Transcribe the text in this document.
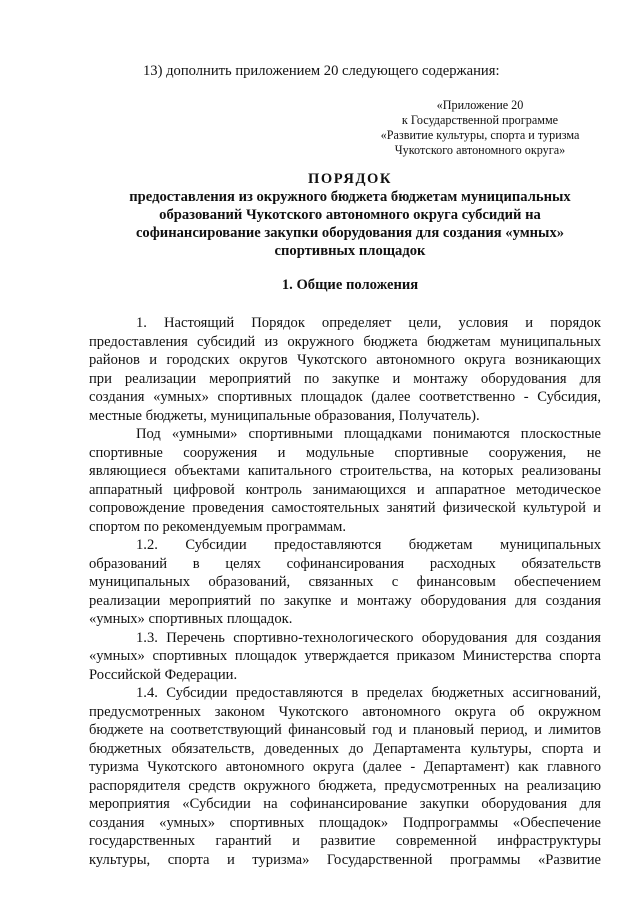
13) дополнить приложением 20 следующего содержания:
«Приложение 20
к Государственной программе
«Развитие культуры, спорта и туризма
Чукотского автономного округа»
ПОРЯДОК
предоставления из окружного бюджета бюджетам муниципальных
образований Чукотского автономного округа субсидий на
софинансирование закупки оборудования для создания «умных»
спортивных площадок
1. Общие положения
1. Настоящий Порядок определяет цели, условия и порядок
предоставления субсидий из окружного бюджета бюджетам муниципальных
районов и городских округов Чукотского автономного округа возникающих
при реализации мероприятий по закупке и монтажу оборудования для
создания «умных» спортивных площадок (далее соответственно - Субсидия,
местные бюджеты, муниципальные образования, Получатель).
Под «умными» спортивными площадками понимаются плоскостные
спортивные сооружения и модульные спортивные сооружения, не
являющиеся объектами капитального строительства, на которых реализованы
аппаратный цифровой контроль занимающихся и аппаратное методическое
сопровождение проведения самостоятельных занятий физической культурой и
спортом по рекомендуемым программам.
1.2. Субсидии предоставляются бюджетам муниципальных
образований в целях софинансирования расходных обязательств
муниципальных образований, связанных с финансовым обеспечением
реализации мероприятий по закупке и монтажу оборудования для создания
«умных» спортивных площадок.
1.3. Перечень спортивно-технологического оборудования для создания
«умных» спортивных площадок утверждается приказом Министерства спорта
Российской Федерации.
1.4. Субсидии предоставляются в пределах бюджетных ассигнований,
предусмотренных законом Чукотского автономного округа об окружном
бюджете на соответствующий финансовый год и плановый период, и лимитов
бюджетных обязательств, доведенных до Департамента культуры, спорта и
туризма Чукотского автономного округа (далее - Департамент) как главного
распорядителя средств окружного бюджета, предусмотренных на реализацию
мероприятия «Субсидии на софинансирование закупки оборудования для
создания «умных» спортивных площадок» Подпрограммы «Обеспечение
государственных гарантий и развитие современной инфраструктуры
культуры, спорта и туризма» Государственной программы «Развитие
